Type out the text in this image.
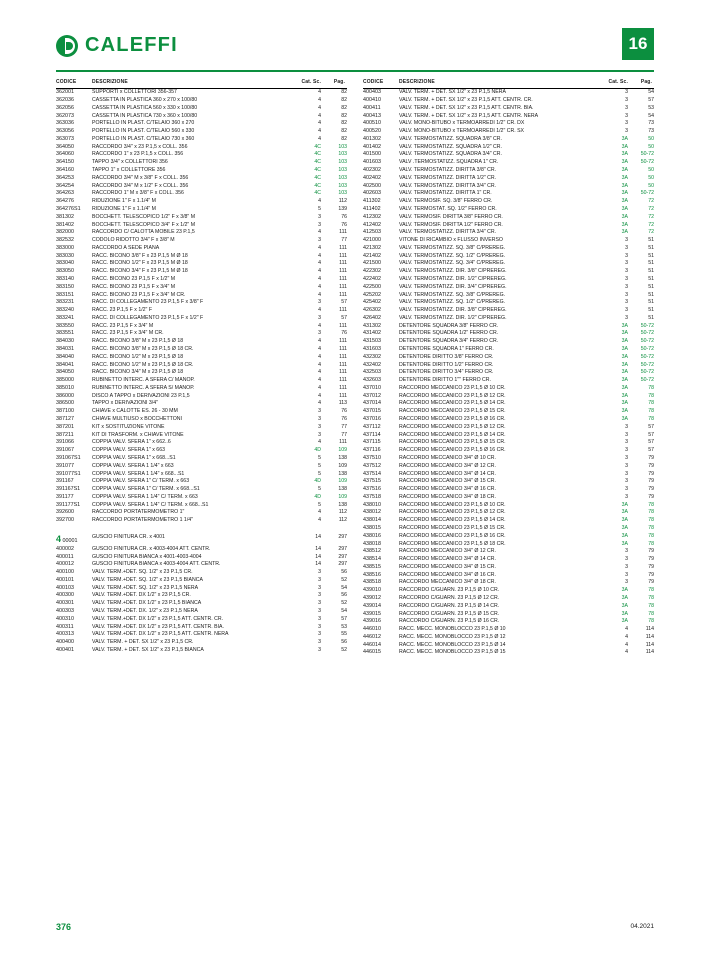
CALEFFI	16
CODICE	DESCRIZIONE	Cat. Sc.	Pag.
362001	SUPPORTI x COLLETTORI 356-357	4	82
362036	CASSETTA IN PLASTICA 360 x 270 x 100/80	4	82
362056	CASSETTA IN PLASTICA 560 x 330 x 100/80	4	82
362073	CASSETTA IN PLASTICA 730 x 360 x 100/80	4	82
363036	PORTELLO IN PLAST. C/TELAIO 360 x 270	4	82
363056	PORTELLO IN PLAST. C/TELAIO 560 x 330	4	82
363073	PORTELLO IN PLAST. C/TELAIO 730 x 360	4	82
364050	RACCORDO 3/4" x 23 P.1,5 x COLL. 356	4C	103
364060	RACCORDO 1" x 23 P.1,5 x COLL. 356	4C	103
364150	TAPPO 3/4" x COLLETTORI 356	4C	103
364160	TAPPO 1" x COLLETTORE 356	4C	103
364253	RACCORDO 3/4" M x 3/8" F x COLL. 356	4C	103
364254	RACCORDO 3/4" M x 1/2" F x COLL. 356	4C	103
364263	RACCORDO 1" M x 3/8" F x COLL. 356	4C	103
364276	RIDUZIONE 1" F x 1.1/4" M	4	112
364276S1	RIDUZIONE 1" F x 1.1/4" M	5	139
381302	BOCCHETT. TELESCOPICO 1/2" F x 3/8" M	3	76
381402	BOCCHETT. TELESCOPICO 3/4" F x 1/2" M	3	76
382000	RACCORDO C/ CALOTTA MOBILE 23 P.1,5	4	111
382532	CODOLO RIDOTTO 3/4" F x 3/8" M	3	77
383000	RACCORDO A SEDE PIANA	4	111
383030	RACC. BICONO 3/8" F x 23 P.1,5 M Ø 18	4	111
383040	RACC. BICONO 1/2" F x 23 P.1,5 M Ø 18	4	111
383050	RACC. BICONO 3/4" F x 23 P.1,5 M Ø 18	4	111
383140	RACC. BICONO 23 P.1,5 F x 1/2" M	4	111
383150	RACC. BICONO 23 P.1,5 F x 3/4" M	4	111
383151	RACC. BICONO 23 P.1,5 F x 3/4" M CR.	4	111
383231	RACC. DI COLLEGAMENTO 23 P.1,5 F x 3/8" F	3	57
383240	RACC. 23 P.1,5 F x 1/2" F	4	111
383241	RACC. DI COLLEGAMENTO 23 P.1,5 F x 1/2" F	3	57
383550	RACC. 23 P.1,5 F x 3/4" M	4	111
383551	RACC. 23 P.1,5 F x 3/4" M CR.	3	76
384030	RACC. BICONO 3/8" M x 23 P.1,5 Ø 18	4	111
384031	RACC. BICONO 3/8" M x 23 P.1,5 Ø 18 CR.	4	111
384040	RACC. BICONO 1/2" M x 23 P.1,5 Ø 18	4	111
384041	RACC. BICONO 1/2" M x 23 P.1,5 Ø 18 CR.	4	111
384050	RACC. BICONO 3/4" M x 23 P.1,5 Ø 18	4	111
385000	RUBINETTO INTERC. A SFERA C/ MANOP.	4	111
385010	RUBINETTO INTERC. A SFERA S/ MANOP.	4	111
386000	DISCO A TAPPO x DERIVAZIONI 23 P.1,5	4	111
386500	TAPPO x DERIVAZIONI 3/4"	4	113
387100	CHIAVE x CALOTTE ES. 26 - 30 MM	3	76
387127	CHIAVE MULTIUSO x BOCCHETTONI	3	76
387201	KIT x SOSTITUZIONE VITONE	3	77
387211	KIT DI TRASFORM. x CHIAVE VITONE	3	77
391066	COPPIA VALV. SFERA 1" x 662..6	4	111
391067	COPPIA VALV. SFERA 1" x 663	4D	109
391067S1	COPPIA VALV. SFERA 1" x 668...S1	5	138
391077	COPPIA VALV. SFERA 1 1/4" x 663	5	109
391077S1	COPPIA VALV. SFERA 1 1/4" x 668...S1	5	138
391167	COPPIA VALV. SFERA 1" C/ TERM. x 663	4D	109
391167S1	COPPIA VALV. SFERA 1" C/ TERM. x 668...S1	5	138
391177	COPPIA VALV. SFERA 1 1/4" C/ TERM. x 663	4D	109
391177S1	COPPIA VALV. SFERA 1 1/4" C/ TERM. x 668...S1	5	138
392600	RACCORDO PORTATERMOMETRO 1"	4	112
392700	RACCORDO PORTATERMOMETRO 1 1/4"	4	112

4 00001	GUSCIO FINITURA CR. x 4001	14	297
400002	GUSCIO FINITURA CR. x 4003-4004 ATT. CENTR.	14	297
400011	GUSCIO FINITURA BIANCA x 4001-4003-4004	14	297
400012	GUSCIO FINITURA BIANCA x 4003-4004 ATT. CENTR.	14	297
400100	VALV. TERM.+DET. SQ. 1/2" x 23 P.1,5 CR.	3	56
400101	VALV. TERM.+DET. SQ. 1/2" x 23 P.1,5 BIANCA	3	52
400103	VALV. TERM.+DET. SQ. 1/2" x 23 P.1,5 NERA	3	54
400300	VALV. TERM.+DET. DX 1/2" x 23 P.1,5 CR.	3	56
400301	VALV. TERM.+DET. DX 1/2" x 23 P.1,5 BIANCA	3	52
400303	VALV. TERM.+DET. DX. 1/2" x 23 P.1,5 NERA	3	54
400310	VALV. TERM.+DET. DX 1/2" x 23 P.1,5 ATT. CENTR. CR.	3	57
400311	VALV. TERM.+DET. DX 1/2" x 23 P.1,5 ATT. CENTR. BIA.	3	53
400313	VALV. TERM.+DET. DX 1/2" x 23 P.1,5 ATT. CENTR. NERA	3	55
400400	VALV. TERM. + DET. SX 1/2" x 23 P.1,5 CR.	3	56
400401	VALV. TERM. + DET. SX 1/2" x 23 P.1,5 BIANCA	3	52
CODICE	DESCRIZIONE	Cat. Sc.	Pag.
400403	VALV. TERM. + DET. SX 1/2" x 23 P.1,5 NERA	3	54
400410	VALV. TERM. + DET. SX 1/2" x 23 P.1,5 ATT. CENTR. CR.	3	57
400411	VALV. TERM. + DET. SX 1/2" x 23 P.1,5 ATT. CENTR. BIA.	3	53
400413	VALV. TERM. + DET. SX 1/2" x 23 P.1,5 ATT. CENTR. NERA	3	54
400510	VALV. MONO-BITUBO x TERMOARREDI 1/2" CR. DX	3	73
400520	VALV. MONO-BITUBO x TERMOARREDI 1/2" CR. SX	3	73
401302	VALV. TERMOSTATIZZ. SQUADRA 3/8" CR.	3A	50
401402	VALV. TERMOSTATIZZ. SQUADRA 1/2" CR.	3A	50
401500	VALV. TERMOSTATIZZ. SQUADRA 3/4" CR.	3A	50-72
401603	VALV .TERMOSTATIZZ. SQUADRA 1" CR.	3A	50-72
402302	VALV. TERMOSTATIZZ. DIRITTA 3/8" CR.	3A	50
402402	VALV. TERMOSTATIZZ. DIRITTA 1/2" CR.	3A	50
402500	VALV. TERMOSTATIZZ. DIRITTA 3/4" CR.	3A	50
402603	VALV. TERMOSTATIZZ. DIRITTA 1" CR.	3A	50-72
411302	VALV. TERMOSIF. SQ. 3/8" FERRO CR.	3A	72
411402	VALV. TERMOSTAT. SQ. 1/2" FERRO CR.	3A	72
412302	VALV. TERMOSIF. DIRITTA 3/8" FERRO CR.	3A	72
412402	VALV. TERMOSIF. DIRITTA 1/2" FERRO CR.	3A	72
412503	VALV. TERMOSTATIZZ. DIRITTA 3/4" CR.	3A	72
421000	VITONE DI RICAMBIO x FLUSSO INVERSO	3	51
421302	VALV. TERMOSTATIZZ. SQ. 3/8" C/PREREG.	3	51
421402	VALV. TERMOSTATIZZ. SQ. 1/2" C/PREREG.	3	51
421500	VALV. TERMOSTATIZZ. SQ. 3/4" C/PREREG.	3	51
422302	VALV. TERMOSTATIZZ. DIR. 3/8" C/PREREG.	3	51
422402	VALV. TERMOSTATIZZ. DIR. 1/2" C/PREREG.	3	51
422500	VALV. TERMOSTATIZZ. DIR. 3/4" C/PREREG.	3	51
425202	VALV. TERMOSTATIZZ. SQ. 3/8" C/PREREG.	3	51
425402	VALV. TERMOSTATIZZ. SQ. 1/2" C/PREREG.	3	51
426302	VALV. TERMOSTATIZZ. DIR. 3/8" C/PREREG.	3	51
426402	VALV. TERMOSTATIZZ. DIR. 1/2" C/PREREG.	3	51
431302	DETENTORE SQUADRA 3/8" FERRO CR.	3A	50-72
431402	DETENTORE SQUADRA 1/2" FERRO CR.	3A	50-72
431503	DETENTORE SQUADRA 3/4" FERRO CR.	3A	50-72
431603	DETENTORE SQUADRA 1" FERRO CR.	3A	50-72
432302	DETENTORE DIRITTO 3/8" FERRO CR.	3A	50-72
432402	DETENTORE DIRITTO 1/2" FERRO CR.	3A	50-72
432503	DETENTORE DIRITTO 3/4" FERRO CR.	3A	50-72
432603	DETENTORE DIRITTO 1"" FERRO CR.	3A	50-72
437010	RACCORDO MECCANICO 23 P.1,5 Ø 10 CR.	3A	78
437012	RACCORDO MECCANICO 23 P.1,5 Ø 12 CR.	3A	78
437014	RACCORDO MECCANICO 23 P.1,5 Ø 14 CR.	3A	78
437015	RACCORDO MECCANICO 23 P.1,5 Ø 15 CR.	3A	78
437016	RACCORDO MECCANICO 23 P.1,5 Ø 16 CR.	3A	78
437112	RACCORDO MECCANICO 23 P.1,5 Ø 12 CR.	3	57
437114	RACCORDO MECCANICO 23 P.1,5 Ø 14 CR.	3	57
437115	RACCORDO MECCANICO 23 P.1,5 Ø 15 CR.	3	57
437116	RACCORDO MECCANICO 23 P.1,5 Ø 16 CR.	3	57
437510	RACCORDO MECCANICO 3/4" Ø 10 CR.	3	79
437512	RACCORDO MECCANICO 3/4" Ø 12 CR.	3	79
437514	RACCORDO MECCANICO 3/4" Ø 14 CR.	3	79
437515	RACCORDO MECCANICO 3/4" Ø 15 CR.	3	79
437516	RACCORDO MECCANICO 3/4" Ø 16 CR.	3	79
437518	RACCORDO MECCANICO 3/4" Ø 18 CR.	3	79
438010	RACCORDO MECCANICO 23 P.1,5 Ø 10 CR.	3A	78
438012	RACCORDO MECCANICO 23 P.1,5 Ø 12 CR.	3A	78
438014	RACCORDO MECCANICO 23 P.1,5 Ø 14 CR.	3A	78
438015	RACCORDO MECCANICO 23 P.1,5 Ø 15 CR.	3A	78
438016	RACCORDO MECCANICO 23 P.1,5 Ø 16 CR.	3A	78
438018	RACCORDO MECCANICO 23 P.1,5 Ø 18 CR.	3A	78
438512	RACCORDO MECCANICO 3/4" Ø 12 CR.	3	79
438514	RACCORDO MECCANICO 3/4" Ø 14 CR.	3	79
438515	RACCORDO MECCANICO 3/4" Ø 15 CR.	3	79
438516	RACCORDO MECCANICO 3/4" Ø 16 CR.	3	79
438518	RACCORDO MECCANICO 3/4" Ø 18 CR.	3	79
439010	RACCORDO C/GUARN. 23 P.1,5 Ø 10 CR.	3A	78
439012	RACCORDO C/GUARN. 23 P.1,5 Ø 12 CR.	3A	78
439014	RACCORDO C/GUARN. 23 P.1,5 Ø 14 CR.	3A	78
439015	RACCORDO C/GUARN. 23 P.1,5 Ø 15 CR.	3A	78
439016	RACCORDO C/GUARN. 23 P.1,5 Ø 16 CR.	3A	78
446010	RACC. MECC. MONOBLOCCO 23 P.1,5 Ø 10	4	114
446012	RACC. MECC. MONOBLOCCO 23 P.1,5 Ø 12	4	114
446014	RACC. MECC. MONOBLOCCO 23 P.1,5 Ø 14	4	114
446015	RACC. MECC. MONOBLOCCO 23 P.1,5 Ø 15	4	114
376	04.2021
